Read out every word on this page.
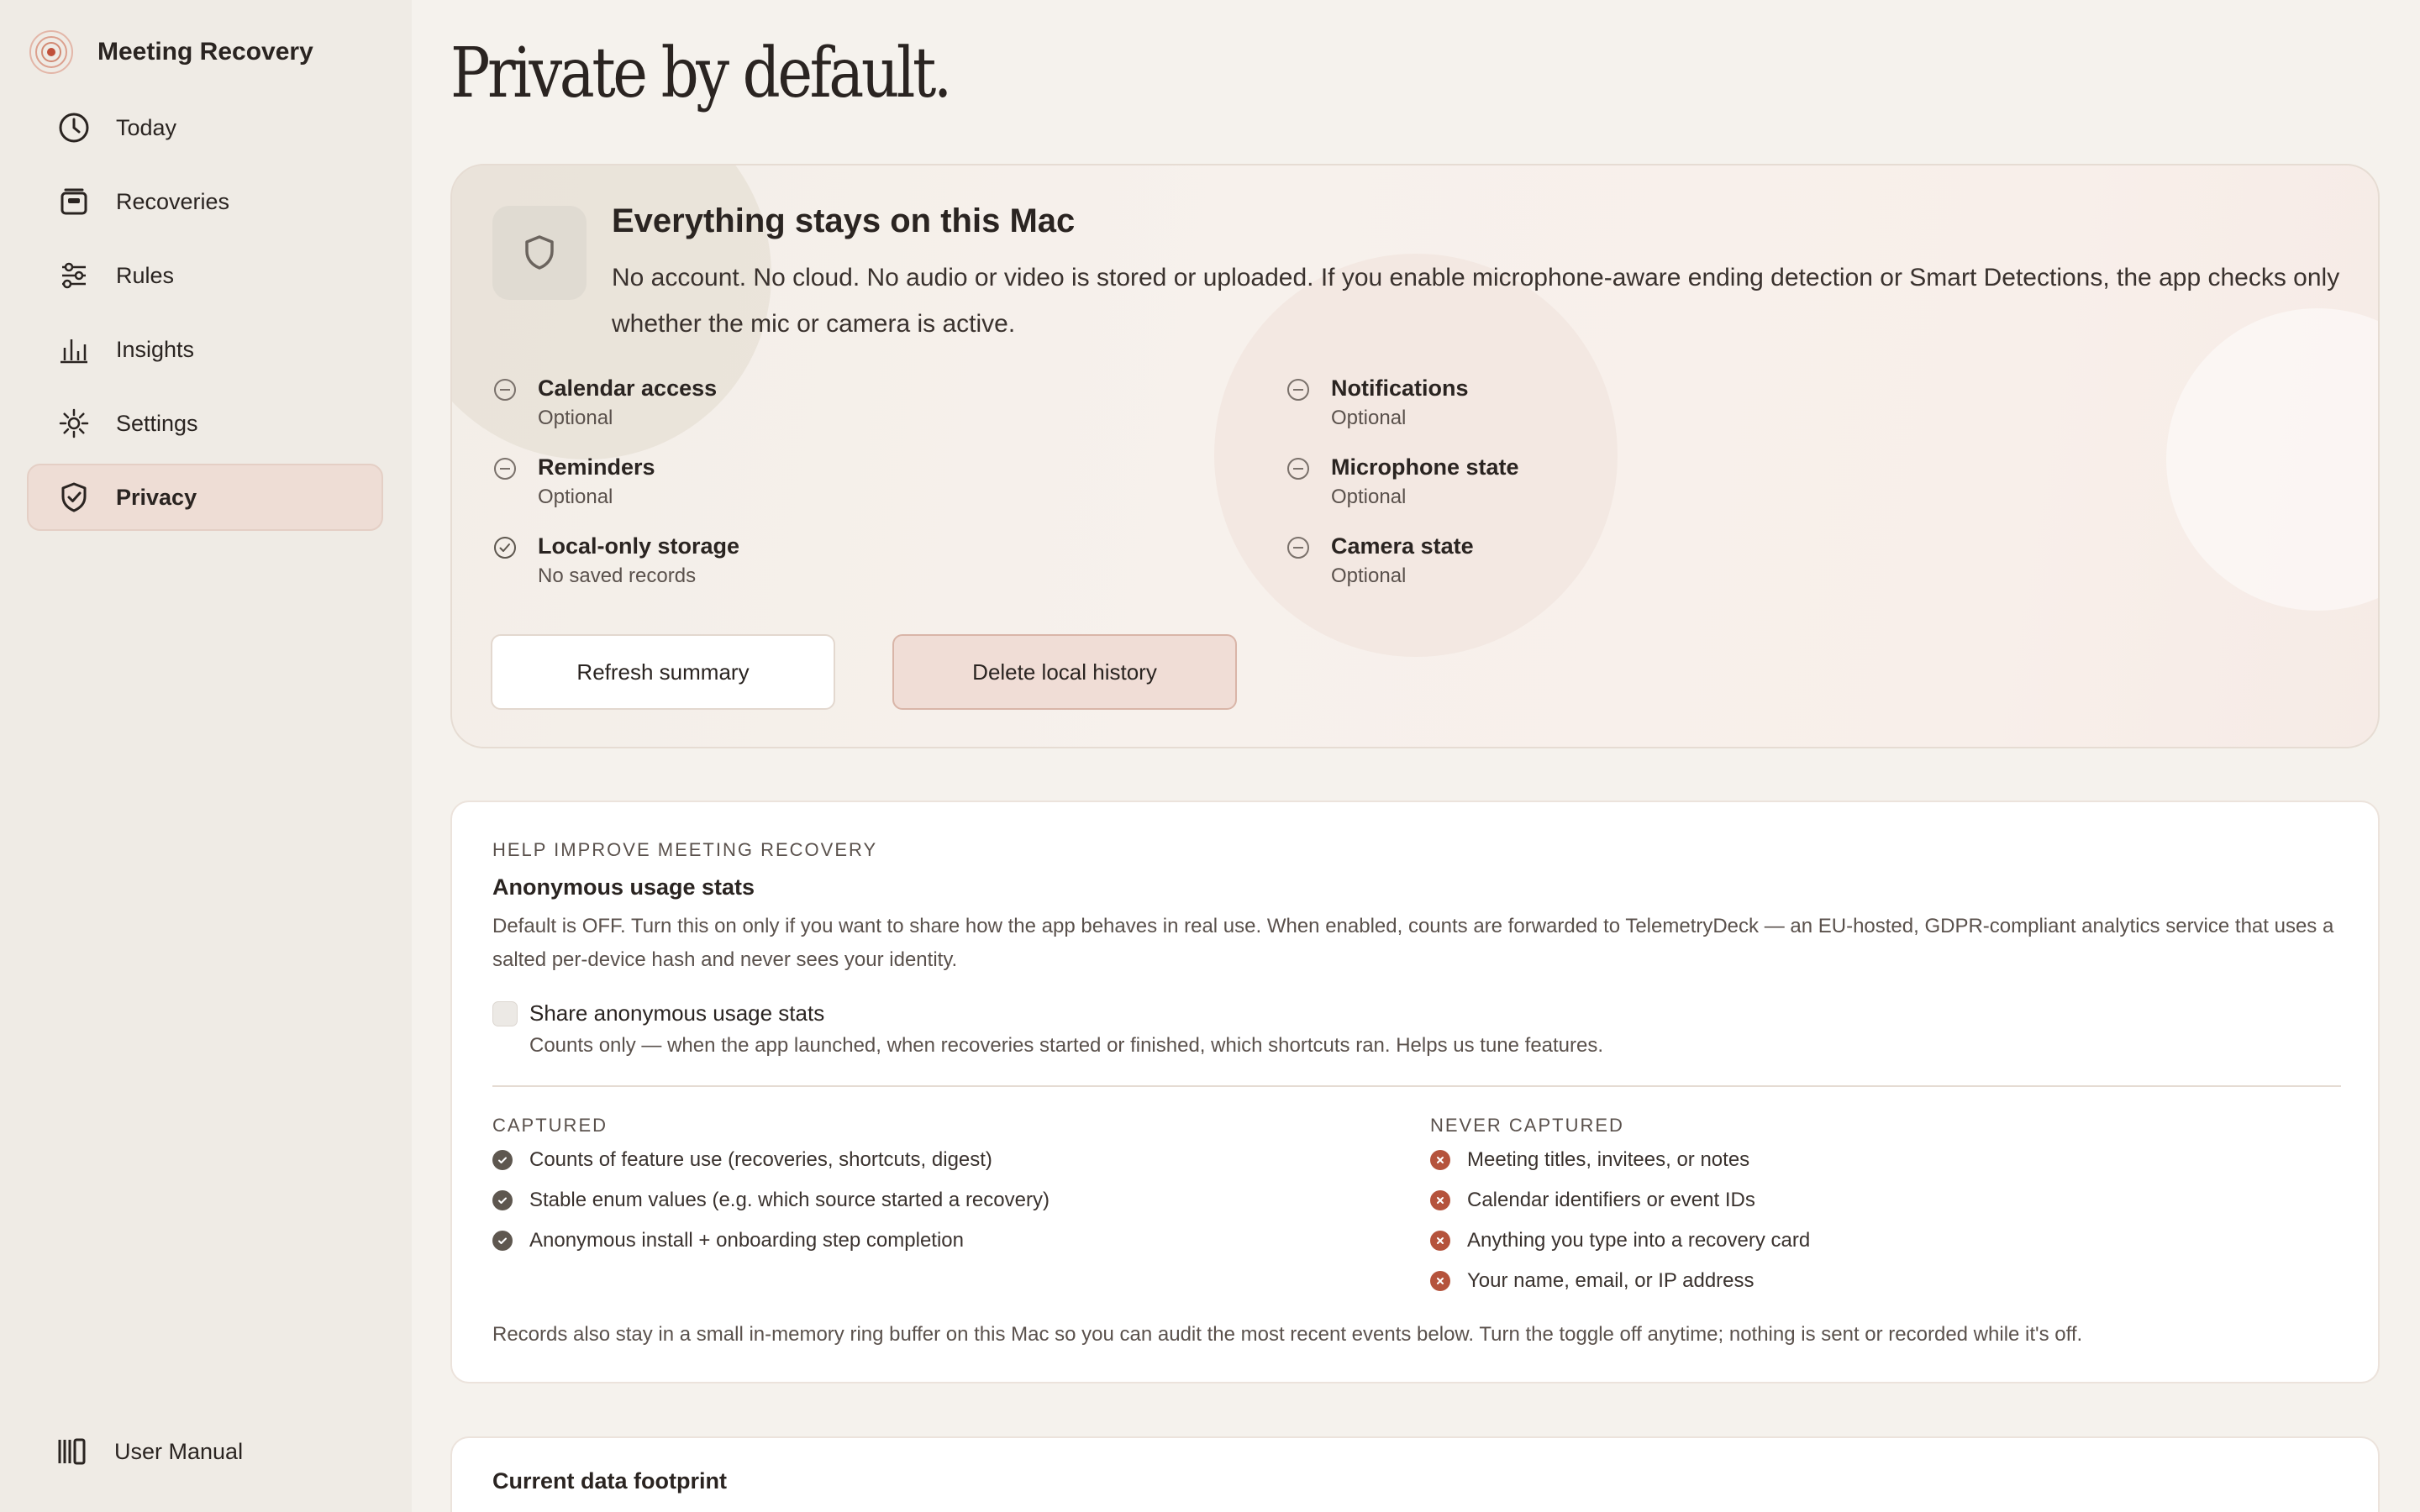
Meeting Recovery
Today
Recoveries
Rules
Insights
Settings
Privacy
User Manual
Private by default.
Everything stays on this Mac

No account. No cloud. No audio or video is stored or uploaded. If you enable microphone-aware ending detection or Smart Detections, the app checks only whether the mic or camera is active.

Calendar access
Optional
Reminders
Optional
Local-only storage
No saved records
Notifications
Optional
Microphone state
Optional
Camera state
Optional
Refresh summary	Delete local history
HELP IMPROVE MEETING RECOVERY
Anonymous usage stats

Default is OFF. Turn this on only if you want to share how the app behaves in real use. When enabled, counts are forwarded to TelemetryDeck — an EU-hosted, GDPR-compliant analytics service that uses a salted per-device hash and never sees your identity.

Share anonymous usage stats
Counts only — when the app launched, when recoveries started or finished, which shortcuts ran. Helps us tune features.
CAPTURED
Counts of feature use (recoveries, shortcuts, digest)
Stable enum values (e.g. which source started a recovery)
Anonymous install + onboarding step completion
NEVER CAPTURED
Meeting titles, invitees, or notes
Calendar identifiers or event IDs
Anything you type into a recovery card
Your name, email, or IP address
Records also stay in a small in-memory ring buffer on this Mac so you can audit the most recent events below. Turn the toggle off anytime; nothing is sent or recorded while it's off.
Current data footprint
